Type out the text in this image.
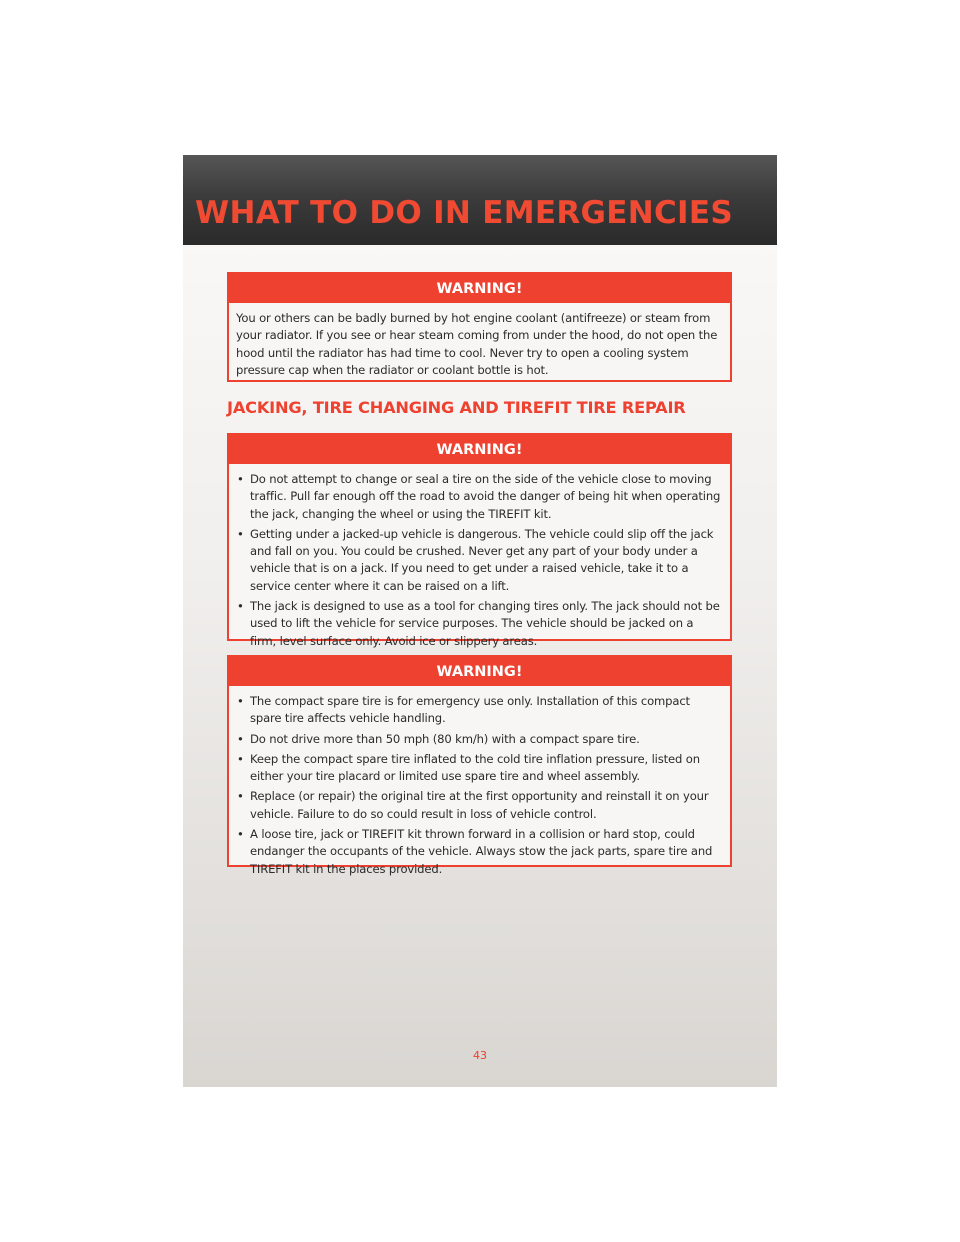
WHAT TO DO IN EMERGENCIES
WARNING!

You or others can be badly burned by hot engine coolant (antifreeze) or steam from your radiator. If you see or hear steam coming from under the hood, do not open the hood until the radiator has had time to cool. Never try to open a cooling system pressure cap when the radiator or coolant bottle is hot.

JACKING, TIRE CHANGING AND TIREFIT TIRE REPAIR
WARNING!
• Do not attempt to change or seal a tire on the side of the vehicle close to moving traffic. Pull far enough off the road to avoid the danger of being hit when operating the jack, changing the wheel or using the TIREFIT kit.
• Getting under a jacked-up vehicle is dangerous. The vehicle could slip off the jack and fall on you. You could be crushed. Never get any part of your body under a vehicle that is on a jack. If you need to get under a raised vehicle, take it to a service center where it can be raised on a lift.
• The jack is designed to use as a tool for changing tires only. The jack should not be used to lift the vehicle for service purposes. The vehicle should be jacked on a firm, level surface only. Avoid ice or slippery areas.
WARNING!
• The compact spare tire is for emergency use only. Installation of this compact spare tire affects vehicle handling.
• Do not drive more than 50 mph (80 km/h) with a compact spare tire.
• Keep the compact spare tire inflated to the cold tire inflation pressure, listed on either your tire placard or limited use spare tire and wheel assembly.
• Replace (or repair) the original tire at the first opportunity and reinstall it on your vehicle. Failure to do so could result in loss of vehicle control.
• A loose tire, jack or TIREFIT kit thrown forward in a collision or hard stop, could endanger the occupants of the vehicle. Always stow the jack parts, spare tire and TIREFIT kit in the places provided.
43
